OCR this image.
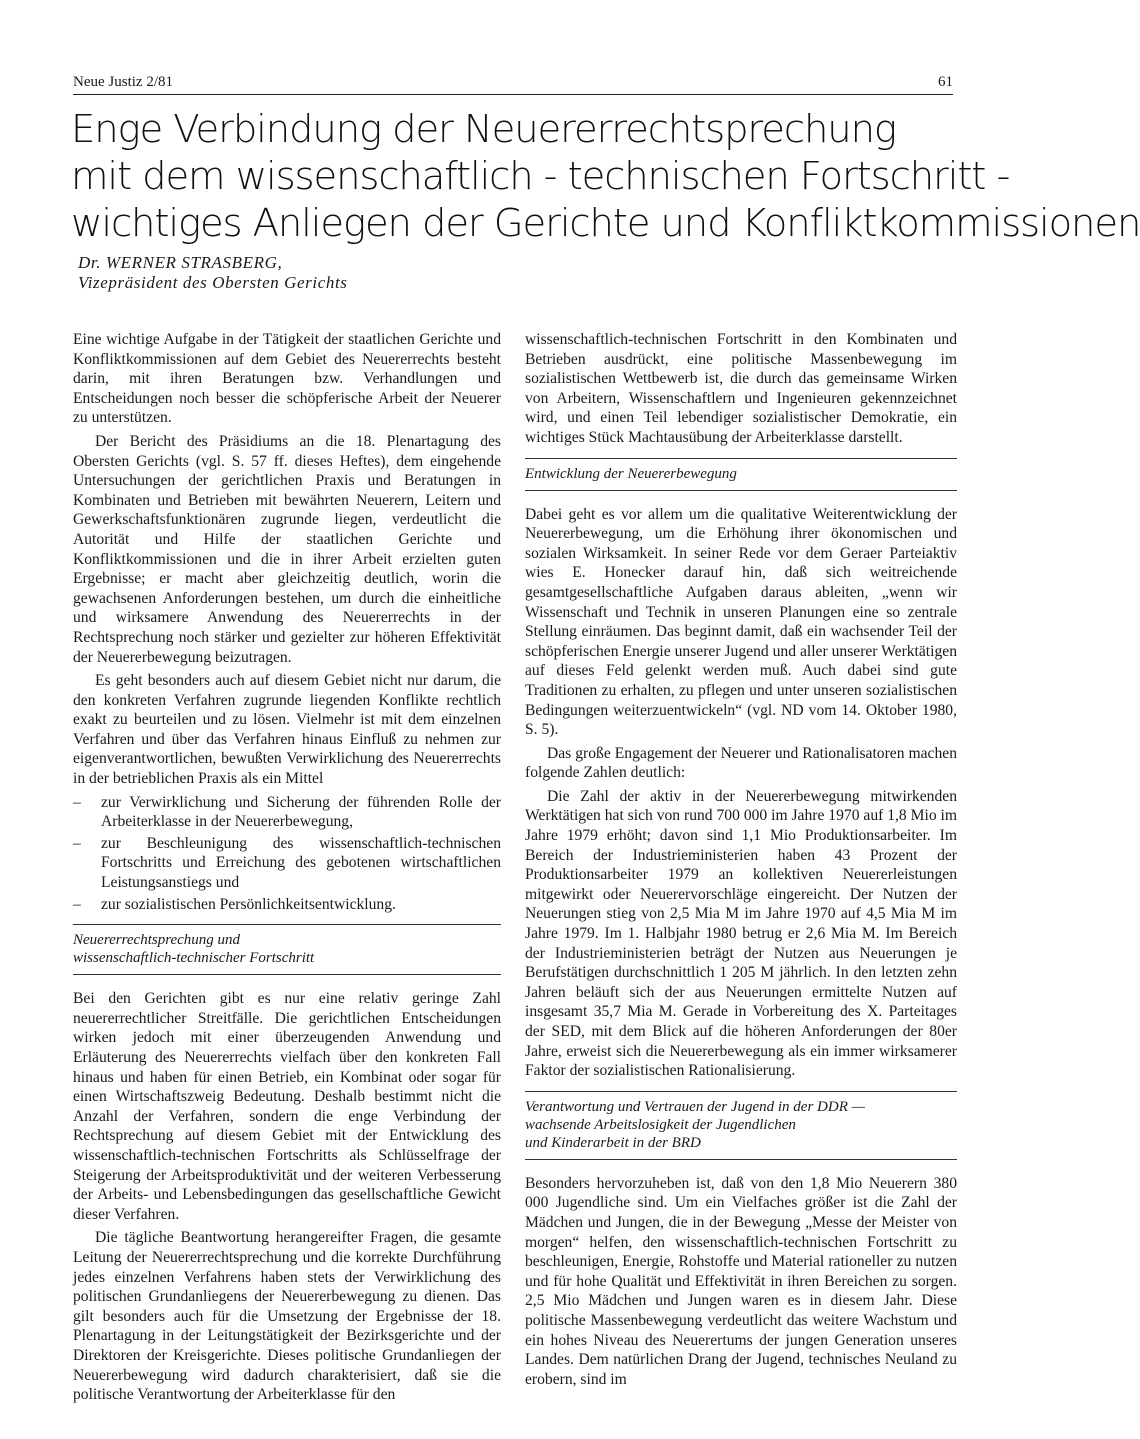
Neue Justiz 2/81	61
Enge Verbindung der Neuererrechtsprechung
mit dem wissenschaftlich - technischen Fortschritt -
wichtiges Anliegen der Gerichte und Konfliktkommissionen
Dr. WERNER STRASBERG,
Vizepräsident des Obersten Gerichts

Eine wichtige Aufgabe in der Tätigkeit der staatlichen Gerichte und Konfliktkommissionen auf dem Gebiet des Neuererrechts besteht darin, mit ihren Beratungen bzw. Verhandlungen und Entscheidungen noch besser die schöpferische Arbeit der Neuerer zu unterstützen.

Der Bericht des Präsidiums an die 18. Plenartagung des Obersten Gerichts (vgl. S. 57 ff. dieses Heftes), dem eingehende Untersuchungen der gerichtlichen Praxis und Beratungen in Kombinaten und Betrieben mit bewährten Neuerern, Leitern und Gewerkschaftsfunktionären zugrunde liegen, verdeutlicht die Autorität und Hilfe der staatlichen Gerichte und Konfliktkommissionen und die in ihrer Arbeit erzielten guten Ergebnisse; er macht aber gleichzeitig deutlich, worin die gewachsenen Anforderungen bestehen, um durch die einheitliche und wirksamere Anwendung des Neuererrechts in der Rechtsprechung noch stärker und gezielter zur höheren Effektivität der Neuererbewegung beizutragen.

Es geht besonders auch auf diesem Gebiet nicht nur darum, die den konkreten Verfahren zugrunde liegenden Konflikte rechtlich exakt zu beurteilen und zu lösen. Vielmehr ist mit dem einzelnen Verfahren und über das Verfahren hinaus Einfluß zu nehmen zur eigenverantwortlichen, bewußten Verwirklichung des Neuererrechts in der betrieblichen Praxis als ein Mittel

– zur Verwirklichung und Sicherung der führenden Rolle der Arbeiterklasse in der Neuererbewegung,
– zur Beschleunigung des wissenschaftlich-technischen Fortschritts und Erreichung des gebotenen wirtschaftlichen Leistungsanstiegs und
– zur sozialistischen Persönlichkeitsentwicklung.
Neuererrechtsprechung und
wissenschaftlich-technischer Fortschritt

Bei den Gerichten gibt es nur eine relativ geringe Zahl neuererrechtlicher Streitfälle. Die gerichtlichen Entscheidungen wirken jedoch mit einer überzeugenden Anwendung und Erläuterung des Neuererrechts vielfach über den konkreten Fall hinaus und haben für einen Betrieb, ein Kombinat oder sogar für einen Wirtschaftszweig Bedeutung. Deshalb bestimmt nicht die Anzahl der Verfahren, sondern die enge Verbindung der Rechtsprechung auf diesem Gebiet mit der Entwicklung des wissenschaftlich-technischen Fortschritts als Schlüsselfrage der Steigerung der Arbeitsproduktivität und der weiteren Verbesserung der Arbeits- und Lebensbedingungen das gesellschaftliche Gewicht dieser Verfahren.

Die tägliche Beantwortung herangereifter Fragen, die gesamte Leitung der Neuererrechtsprechung und die korrekte Durchführung jedes einzelnen Verfahrens haben stets der Verwirklichung des politischen Grundanliegens der Neuererbewegung zu dienen. Das gilt besonders auch für die Umsetzung der Ergebnisse der 18. Plenartagung in der Leitungstätigkeit der Bezirksgerichte und der Direktoren der Kreisgerichte. Dieses politische Grundanliegen der Neuererbewegung wird dadurch charakterisiert, daß sie die politische Verantwortung der Arbeiterklasse für den

wissenschaftlich-technischen Fortschritt in den Kombinaten und Betrieben ausdrückt, eine politische Massenbewegung im sozialistischen Wettbewerb ist, die durch das gemeinsame Wirken von Arbeitern, Wissenschaftlern und Ingenieuren gekennzeichnet wird, und einen Teil lebendiger sozialistischer Demokratie, ein wichtiges Stück Machtausübung der Arbeiterklasse darstellt.

Entwicklung der Neuererbewegung

Dabei geht es vor allem um die qualitative Weiterentwicklung der Neuererbewegung, um die Erhöhung ihrer ökonomischen und sozialen Wirksamkeit. In seiner Rede vor dem Geraer Parteiaktiv wies E. Honecker darauf hin, daß sich weitreichende gesamtgesellschaftliche Aufgaben daraus ableiten, „wenn wir Wissenschaft und Technik in unseren Planungen eine so zentrale Stellung einräumen. Das beginnt damit, daß ein wachsender Teil der schöpferischen Energie unserer Jugend und aller unserer Werktätigen auf dieses Feld gelenkt werden muß. Auch dabei sind gute Traditionen zu erhalten, zu pflegen und unter unseren sozialistischen Bedingungen weiterzuentwickeln“ (vgl. ND vom 14. Oktober 1980, S. 5).

Das große Engagement der Neuerer und Rationalisatoren machen folgende Zahlen deutlich:

Die Zahl der aktiv in der Neuererbewegung mitwirkenden Werktätigen hat sich von rund 700 000 im Jahre 1970 auf 1,8 Mio im Jahre 1979 erhöht; davon sind 1,1 Mio Produktionsarbeiter. Im Bereich der Industrieministerien haben 43 Prozent der Produktionsarbeiter 1979 an kollektiven Neuererleistungen mitgewirkt oder Neuerervorschläge eingereicht. Der Nutzen der Neuerungen stieg von 2,5 Mia M im Jahre 1970 auf 4,5 Mia M im Jahre 1979. Im 1. Halbjahr 1980 betrug er 2,6 Mia M. Im Bereich der Industrieministerien beträgt der Nutzen aus Neuerungen je Berufstätigen durchschnittlich 1 205 M jährlich. In den letzten zehn Jahren beläuft sich der aus Neuerungen ermittelte Nutzen auf insgesamt 35,7 Mia M. Gerade in Vorbereitung des X. Parteitages der SED, mit dem Blick auf die höheren Anforderungen der 80er Jahre, erweist sich die Neuererbewegung als ein immer wirksamerer Faktor der sozialistischen Rationalisierung.

Verantwortung und Vertrauen der Jugend in der DDR —
wachsende Arbeitslosigkeit der Jugendlichen
und Kinderarbeit in der BRD

Besonders hervorzuheben ist, daß von den 1,8 Mio Neuerern 380 000 Jugendliche sind. Um ein Vielfaches größer ist die Zahl der Mädchen und Jungen, die in der Bewegung „Messe der Meister von morgen“ helfen, den wissenschaftlich-technischen Fortschritt zu beschleunigen, Energie, Rohstoffe und Material rationeller zu nutzen und für hohe Qualität und Effektivität in ihren Bereichen zu sorgen. 2,5 Mio Mädchen und Jungen waren es in diesem Jahr. Diese politische Massenbewegung verdeutlicht das weitere Wachstum und ein hohes Niveau des Neuerertums der jungen Generation unseres Landes. Dem natürlichen Drang der Jugend, technisches Neuland zu erobern, sind im
